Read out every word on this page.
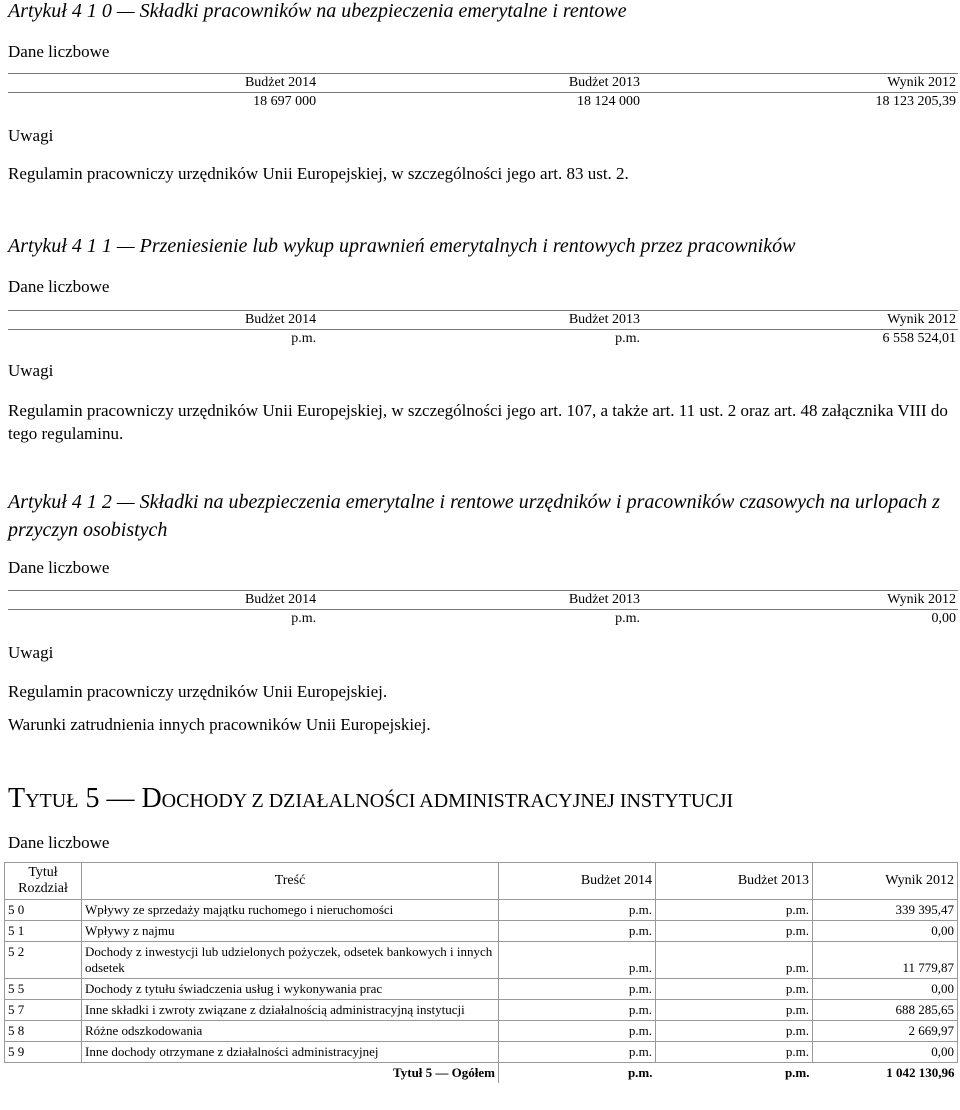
Artykuł 4 1 0 — Składki pracowników na ubezpieczenia emerytalne i rentowe
Dane liczbowe
Budżet 2014	Budżet 2013	Wynik 2012
18 697 000	18 124 000	18 123 205,39
Uwagi
Regulamin pracowniczy urzędników Unii Europejskiej, w szczególności jego art. 83 ust. 2.
Artykuł 4 1 1 — Przeniesienie lub wykup uprawnień emerytalnych i rentowych przez pracowników
Dane liczbowe
Budżet 2014	Budżet 2013	Wynik 2012
p.m.	p.m.	6 558 524,01
Uwagi
Regulamin pracowniczy urzędników Unii Europejskiej, w szczególności jego art. 107, a także art. 11 ust. 2 oraz art. 48 załącznika VIII do tego regulaminu.
Artykuł 4 1 2 — Składki na ubezpieczenia emerytalne i rentowe urzędników i pracowników czasowych na urlopach z przyczyn osobistych
Dane liczbowe
Budżet 2014	Budżet 2013	Wynik 2012
p.m.	p.m.	0,00
Uwagi
Regulamin pracowniczy urzędników Unii Europejskiej.
Warunki zatrudnienia innych pracowników Unii Europejskiej.
TYTUŁ 5 — DOCHODY Z DZIAŁALNOŚCI ADMINISTRACYJNEJ INSTYTUCJI
Dane liczbowe
Tytuł
Rozdział	Treść	Budżet 2014	Budżet 2013	Wynik 2012
5 0	Wpływy ze sprzedaży majątku ruchomego i nieruchomości	p.m.	p.m.	339 395,47
5 1	Wpływy z najmu	p.m.	p.m.	0,00
5 2	Dochody z inwestycji lub udzielonych pożyczek, odsetek bankowych i innych odsetek	p.m.	p.m.	11 779,87
5 5	Dochody z tytułu świadczenia usług i wykonywania prac	p.m.	p.m.	0,00
5 7	Inne składki i zwroty związane z działalnością administracyjną instytucji	p.m.	p.m.	688 285,65
5 8	Różne odszkodowania	p.m.	p.m.	2 669,97
5 9	Inne dochody otrzymane z działalności administracyjnej	p.m.	p.m.	0,00
	Tytuł 5 — Ogółem	p.m.	p.m.	1 042 130,96
